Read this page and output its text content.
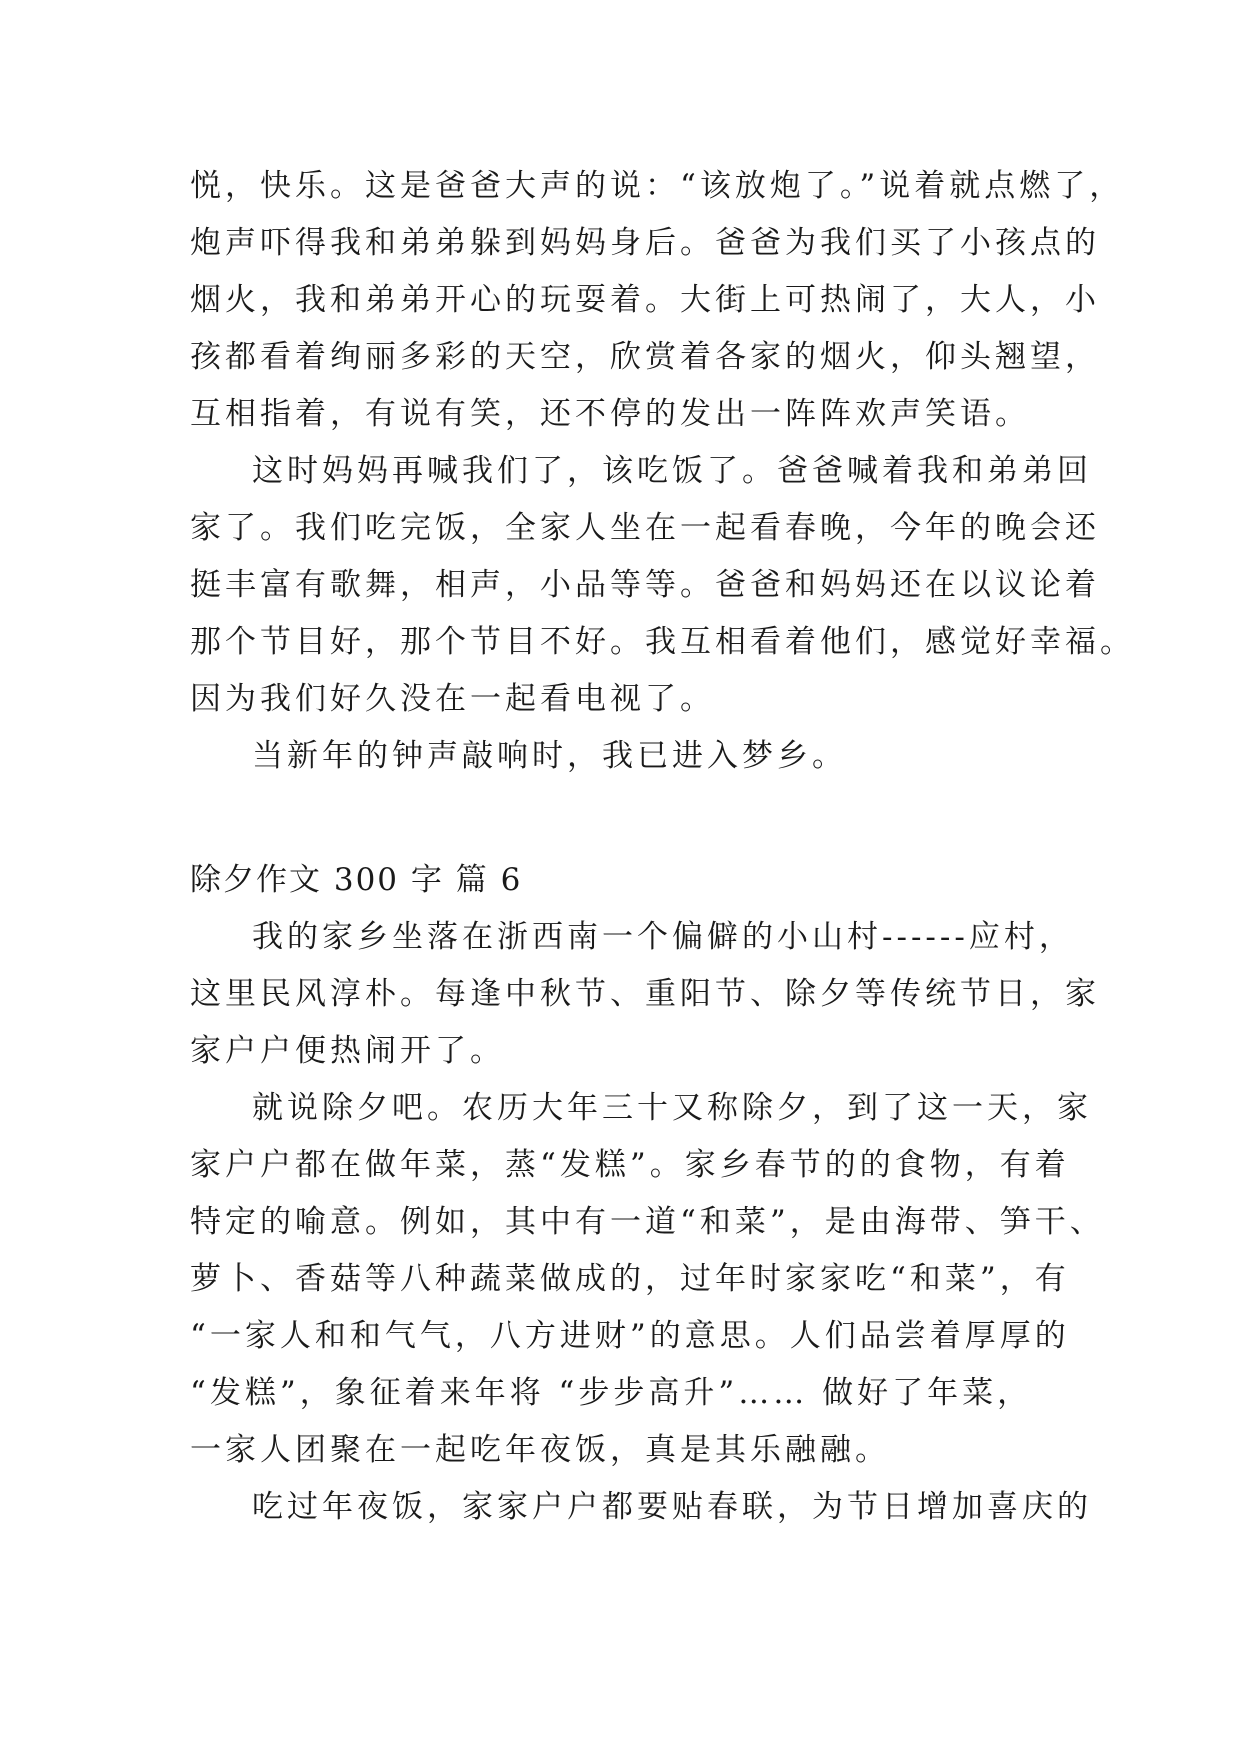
悦，快乐。这是爸爸大声的说：“该放炮了。”说着就点燃了，
炮声吓得我和弟弟躲到妈妈身后。爸爸为我们买了小孩点的
烟火，我和弟弟开心的玩耍着。大街上可热闹了，大人，小
孩都看着绚丽多彩的天空，欣赏着各家的烟火，仰头翘望，
互相指着，有说有笑，还不停的发出一阵阵欢声笑语。
这时妈妈再喊我们了，该吃饭了。爸爸喊着我和弟弟回
家了。我们吃完饭，全家人坐在一起看春晚，今年的晚会还
挺丰富有歌舞，相声，小品等等。爸爸和妈妈还在以议论着
那个节目好，那个节目不好。我互相看着他们，感觉好幸福。
因为我们好久没在一起看电视了。
当新年的钟声敲响时，我已进入梦乡。
除夕作文 300 字 篇 6
我的家乡坐落在浙西南一个偏僻的小山村------应村，
这里民风淳朴。每逢中秋节、重阳节、除夕等传统节日，家
家户户便热闹开了。
就说除夕吧。农历大年三十又称除夕，到了这一天，家
家户户都在做年菜，蒸“发糕”。家乡春节的的食物，有着
特定的喻意。例如，其中有一道“和菜”，是由海带、笋干、
萝卜、香菇等八种蔬菜做成的，过年时家家吃“和菜”，有
“一家人和和气气，八方进财”的意思。人们品尝着厚厚的
“发糕”，象征着来年将 “步步高升”…… 做好了年菜，
一家人团聚在一起吃年夜饭，真是其乐融融。
吃过年夜饭，家家户户都要贴春联，为节日增加喜庆的
